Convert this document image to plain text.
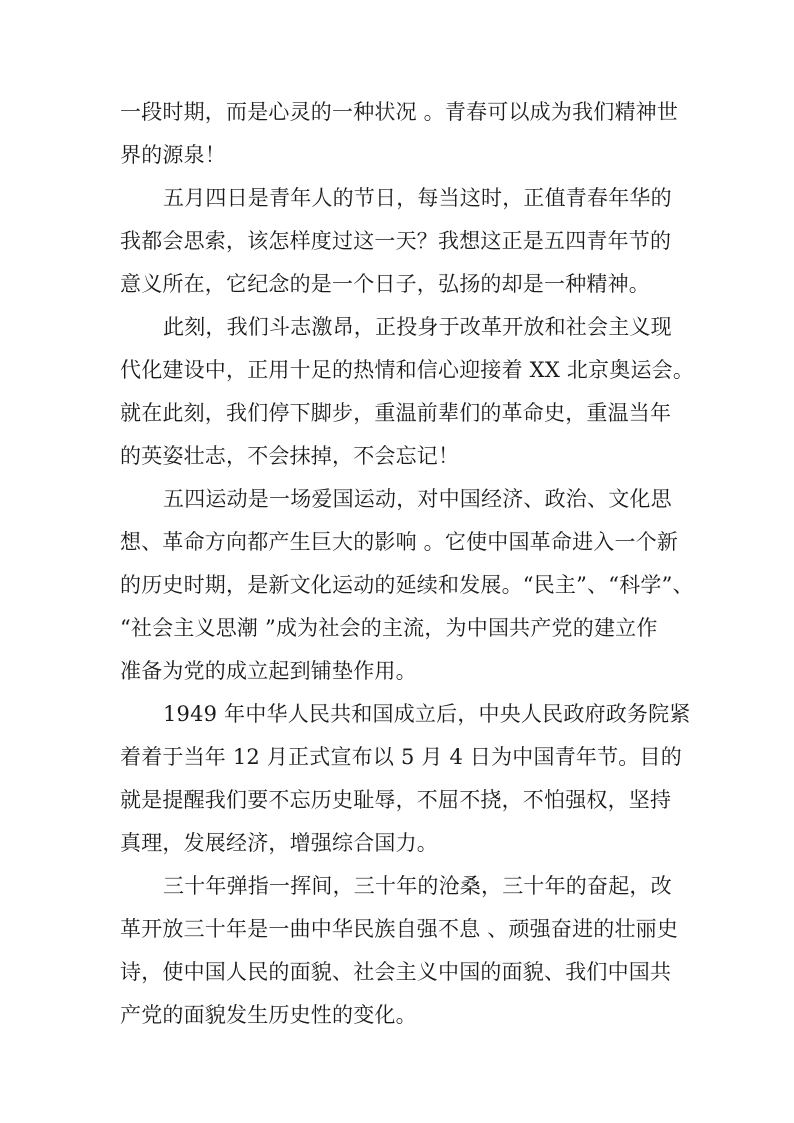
一段时期，而是心灵的一种状况 。青春可以成为我们精神世
界的源泉！
五月四日是青年人的节日，每当这时，正值青春年华的
我都会思索，该怎样度过这一天？我想这正是五四青年节的
意义所在，它纪念的是一个日子，弘扬的却是一种精神。
此刻，我们斗志激昂，正投身于改革开放和社会主义现
代化建设中，正用十足的热情和信心迎接着 XX 北京奥运会。
就在此刻，我们停下脚步，重温前辈们的革命史，重温当年
的英姿壮志，不会抹掉，不会忘记！
五四运动是一场爱国运动，对中国经济、政治、文化思
想、革命方向都产生巨大的影响 。它使中国革命进入一个新
的历史时期，是新文化运动的延续和发展。“民主”、“科学”、
“社会主义思潮 ”成为社会的主流，为中国共产党的建立作
准备为党的成立起到铺垫作用。
1949 年中华人民共和国成立后，中央人民政府政务院紧
着着于当年 12 月正式宣布以 5 月 4 日为中国青年节。目的
就是提醒我们要不忘历史耻辱，不屈不挠，不怕强权，坚持
真理，发展经济，增强综合国力。
三十年弹指一挥间，三十年的沧桑，三十年的奋起，改
革开放三十年是一曲中华民族自强不息 、顽强奋进的壮丽史
诗，使中国人民的面貌、社会主义中国的面貌、我们中国共
产党的面貌发生历史性的变化。
